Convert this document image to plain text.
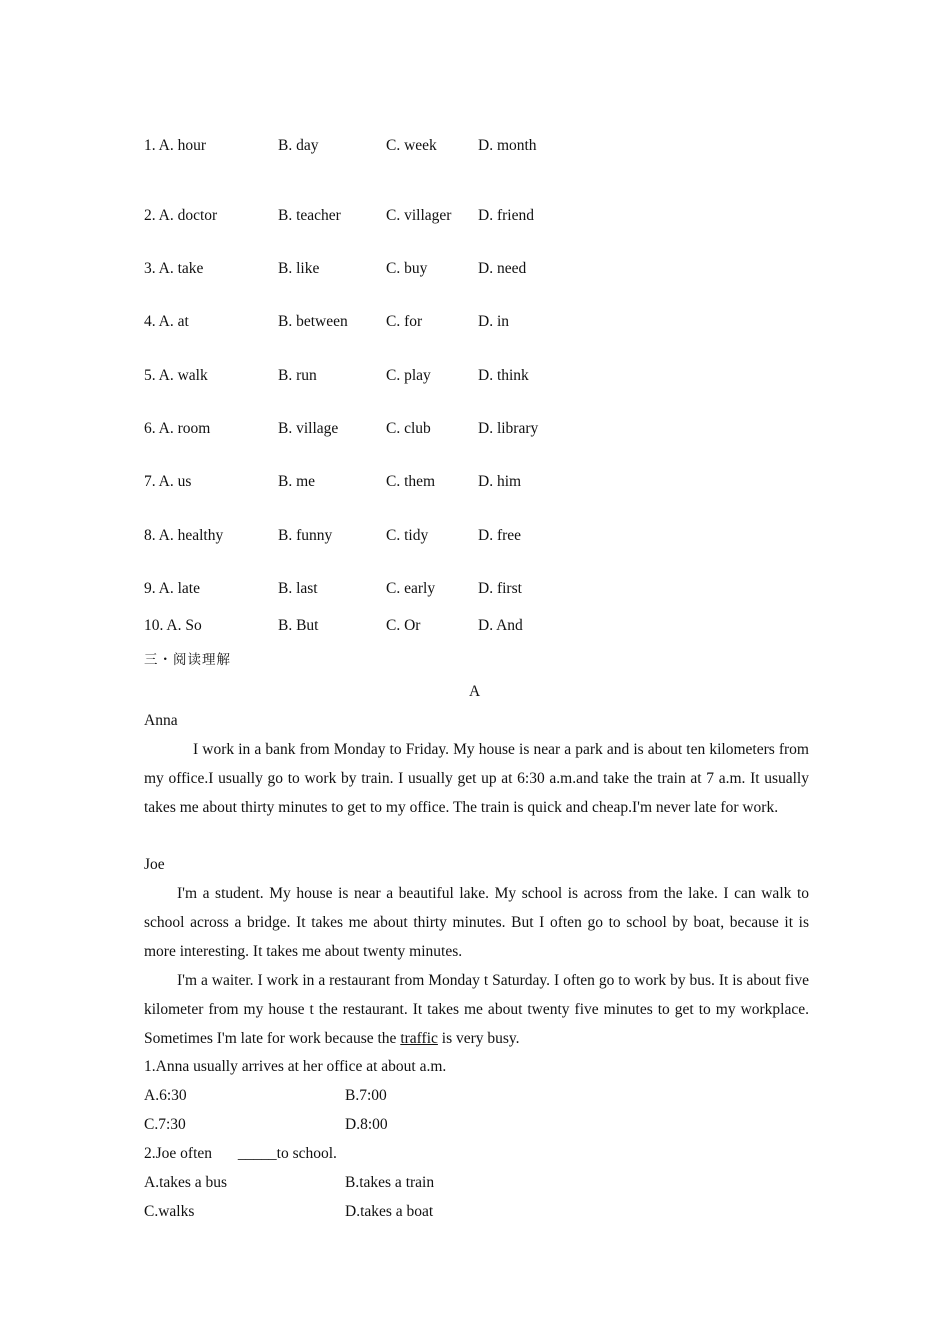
1. A. hour	B. day	C. week	D. month
2. A. doctor	B. teacher	C. villager D. friend
3. A. take	B. like	C. buy	D. need
4. A. at	B. between C. for	D. in
5. A. walk	B. run	C. play	D. think
6. A. room	B. village	C. club	D. library
7. A. us	B. me	C. them	D. him
8. A. healthy	B. funny	C. tidy	D. free
9. A. late	B. last	C. early	D. first
10. A. So	B. But	C. Or	D. And
三・阅读理解
A
Anna
I work in a bank from Monday to Friday. My house is near a park and is about ten kilometers from my office.I usually go to work by train. I usually get up at 6:30 a.m.and take the train at 7 a.m. It usually takes me about thirty minutes to get to my office. The train is quick and cheap.I'm never late for work.
Joe
I'm a student. My house is near a beautiful lake. My school is across from the lake. I can walk to school across a bridge. It takes me about thirty minutes. But I often go to school by boat, because it is more interesting. It takes me about twenty minutes.
I'm a waiter. I work in a restaurant from Monday t Saturday. I often go to work by bus. It is about five kilometer from my house t the restaurant. It takes me about twenty five minutes to get to my workplace. Sometimes I'm late for work because the traffic is very busy.
1.Anna usually arrives at her office at about a.m.
A.6:30	B.7:00
C.7:30	D.8:00
2.Joe often _____to school.
A.takes a bus	B.takes a train
C.walks	D.takes a boat
